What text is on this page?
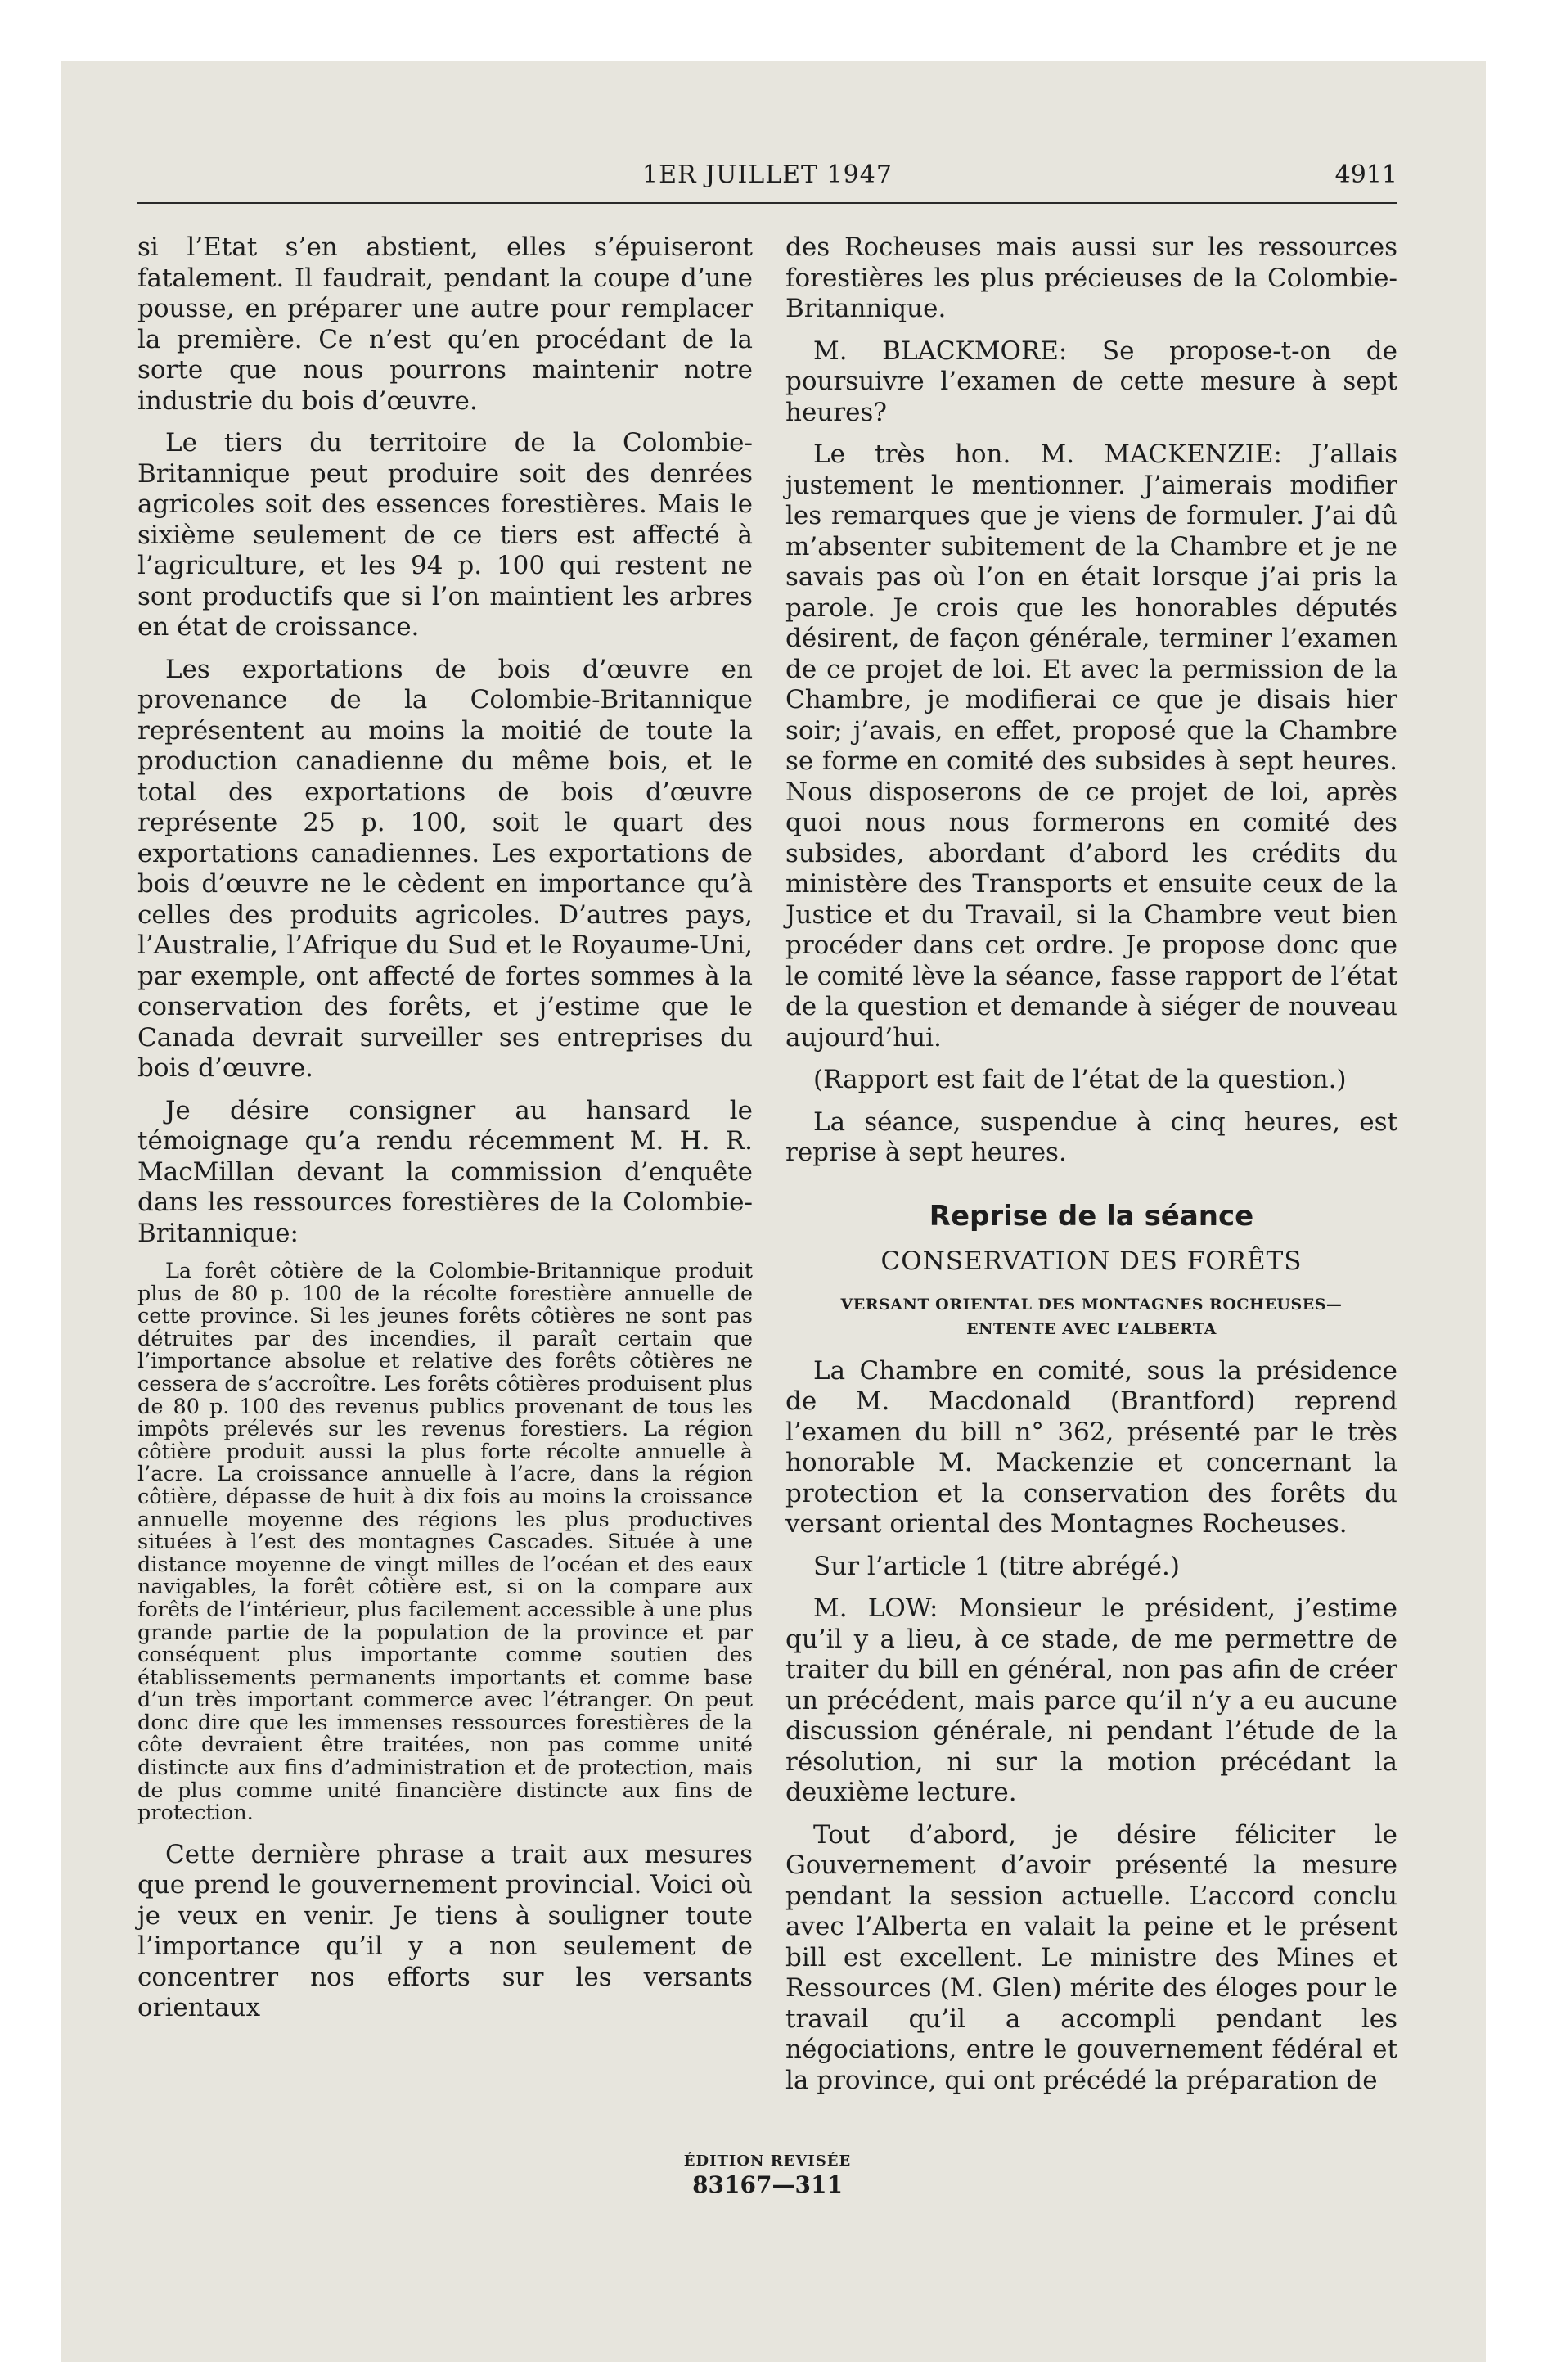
1ER JUILLET 1947	4911

si l’Etat s’en abstient, elles s’épuiseront fatalement. Il faudrait, pendant la coupe d’une pousse, en préparer une autre pour remplacer la première. Ce n’est qu’en procédant de la sorte que nous pourrons maintenir notre industrie du bois d’œuvre.

Le tiers du territoire de la Colombie-Britannique peut produire soit des denrées agricoles soit des essences forestières. Mais le sixième seulement de ce tiers est affecté à l’agriculture, et les 94 p. 100 qui restent ne sont productifs que si l’on maintient les arbres en état de croissance.

Les exportations de bois d’œuvre en provenance de la Colombie-Britannique représentent au moins la moitié de toute la production canadienne du même bois, et le total des exportations de bois d’œuvre représente 25 p. 100, soit le quart des exportations canadiennes. Les exportations de bois d’œuvre ne le cèdent en importance qu’à celles des produits agricoles. D’autres pays, l’Australie, l’Afrique du Sud et le Royaume-Uni, par exemple, ont affecté de fortes sommes à la conservation des forêts, et j’estime que le Canada devrait surveiller ses entreprises du bois d’œuvre.

Je désire consigner au hansard le témoignage qu’a rendu récemment M. H. R. MacMillan devant la commission d’enquête dans les ressources forestières de la Colombie-Britannique:

La forêt côtière de la Colombie-Britannique produit plus de 80 p. 100 de la récolte forestière annuelle de cette province. Si les jeunes forêts côtières ne sont pas détruites par des incendies, il paraît certain que l’importance absolue et relative des forêts côtières ne cessera de s’accroître. Les forêts côtières produisent plus de 80 p. 100 des revenus publics provenant de tous les impôts prélevés sur les revenus forestiers. La région côtière produit aussi la plus forte récolte annuelle à l’acre. La croissance annuelle à l’acre, dans la région côtière, dépasse de huit à dix fois au moins la croissance annuelle moyenne des régions les plus productives situées à l’est des montagnes Cascades. Située à une distance moyenne de vingt milles de l’océan et des eaux navigables, la forêt côtière est, si on la compare aux forêts de l’intérieur, plus facilement accessible à une plus grande partie de la population de la province et par conséquent plus importante comme soutien des établissements permanents importants et comme base d’un très important commerce avec l’étranger. On peut donc dire que les immenses ressources forestières de la côte devraient être traitées, non pas comme unité distincte aux fins d’administration et de protection, mais de plus comme unité financière distincte aux fins de protection.

Cette dernière phrase a trait aux mesures que prend le gouvernement provincial. Voici où je veux en venir. Je tiens à souligner toute l’importance qu’il y a non seulement de concentrer nos efforts sur les versants orientaux

des Rocheuses mais aussi sur les ressources forestières les plus précieuses de la Colombie-Britannique.

M. BLACKMORE: Se propose-t-on de poursuivre l’examen de cette mesure à sept heures?

Le très hon. M. MACKENZIE: J’allais justement le mentionner. J’aimerais modifier les remarques que je viens de formuler. J’ai dû m’absenter subitement de la Chambre et je ne savais pas où l’on en était lorsque j’ai pris la parole. Je crois que les honorables députés désirent, de façon générale, terminer l’examen de ce projet de loi. Et avec la permission de la Chambre, je modifierai ce que je disais hier soir; j’avais, en effet, proposé que la Chambre se forme en comité des subsides à sept heures. Nous disposerons de ce projet de loi, après quoi nous nous formerons en comité des subsides, abordant d’abord les crédits du ministère des Transports et ensuite ceux de la Justice et du Travail, si la Chambre veut bien procéder dans cet ordre. Je propose donc que le comité lève la séance, fasse rapport de l’état de la question et demande à siéger de nouveau aujourd’hui.

(Rapport est fait de l’état de la question.)

La séance, suspendue à cinq heures, est reprise à sept heures.

Reprise de la séance
CONSERVATION DES FORÊTS
VERSANT ORIENTAL DES MONTAGNES ROCHEUSES—
ENTENTE AVEC L’ALBERTA

La Chambre en comité, sous la présidence de M. Macdonald (Brantford) reprend l’examen du bill n° 362, présenté par le très honorable M. Mackenzie et concernant la protection et la conservation des forêts du versant oriental des Montagnes Rocheuses.

Sur l’article 1 (titre abrégé.)

M. LOW: Monsieur le président, j’estime qu’il y a lieu, à ce stade, de me permettre de traiter du bill en général, non pas afin de créer un précédent, mais parce qu’il n’y a eu aucune discussion générale, ni pendant l’étude de la résolution, ni sur la motion précédant la deuxième lecture.

Tout d’abord, je désire féliciter le Gouvernement d’avoir présenté la mesure pendant la session actuelle. L’accord conclu avec l’Alberta en valait la peine et le présent bill est excellent. Le ministre des Mines et Ressources (M. Glen) mérite des éloges pour le travail qu’il a accompli pendant les négociations, entre le gouvernement fédéral et la province, qui ont précédé la préparation de

ÉDITION REVISÉE
83167—311
